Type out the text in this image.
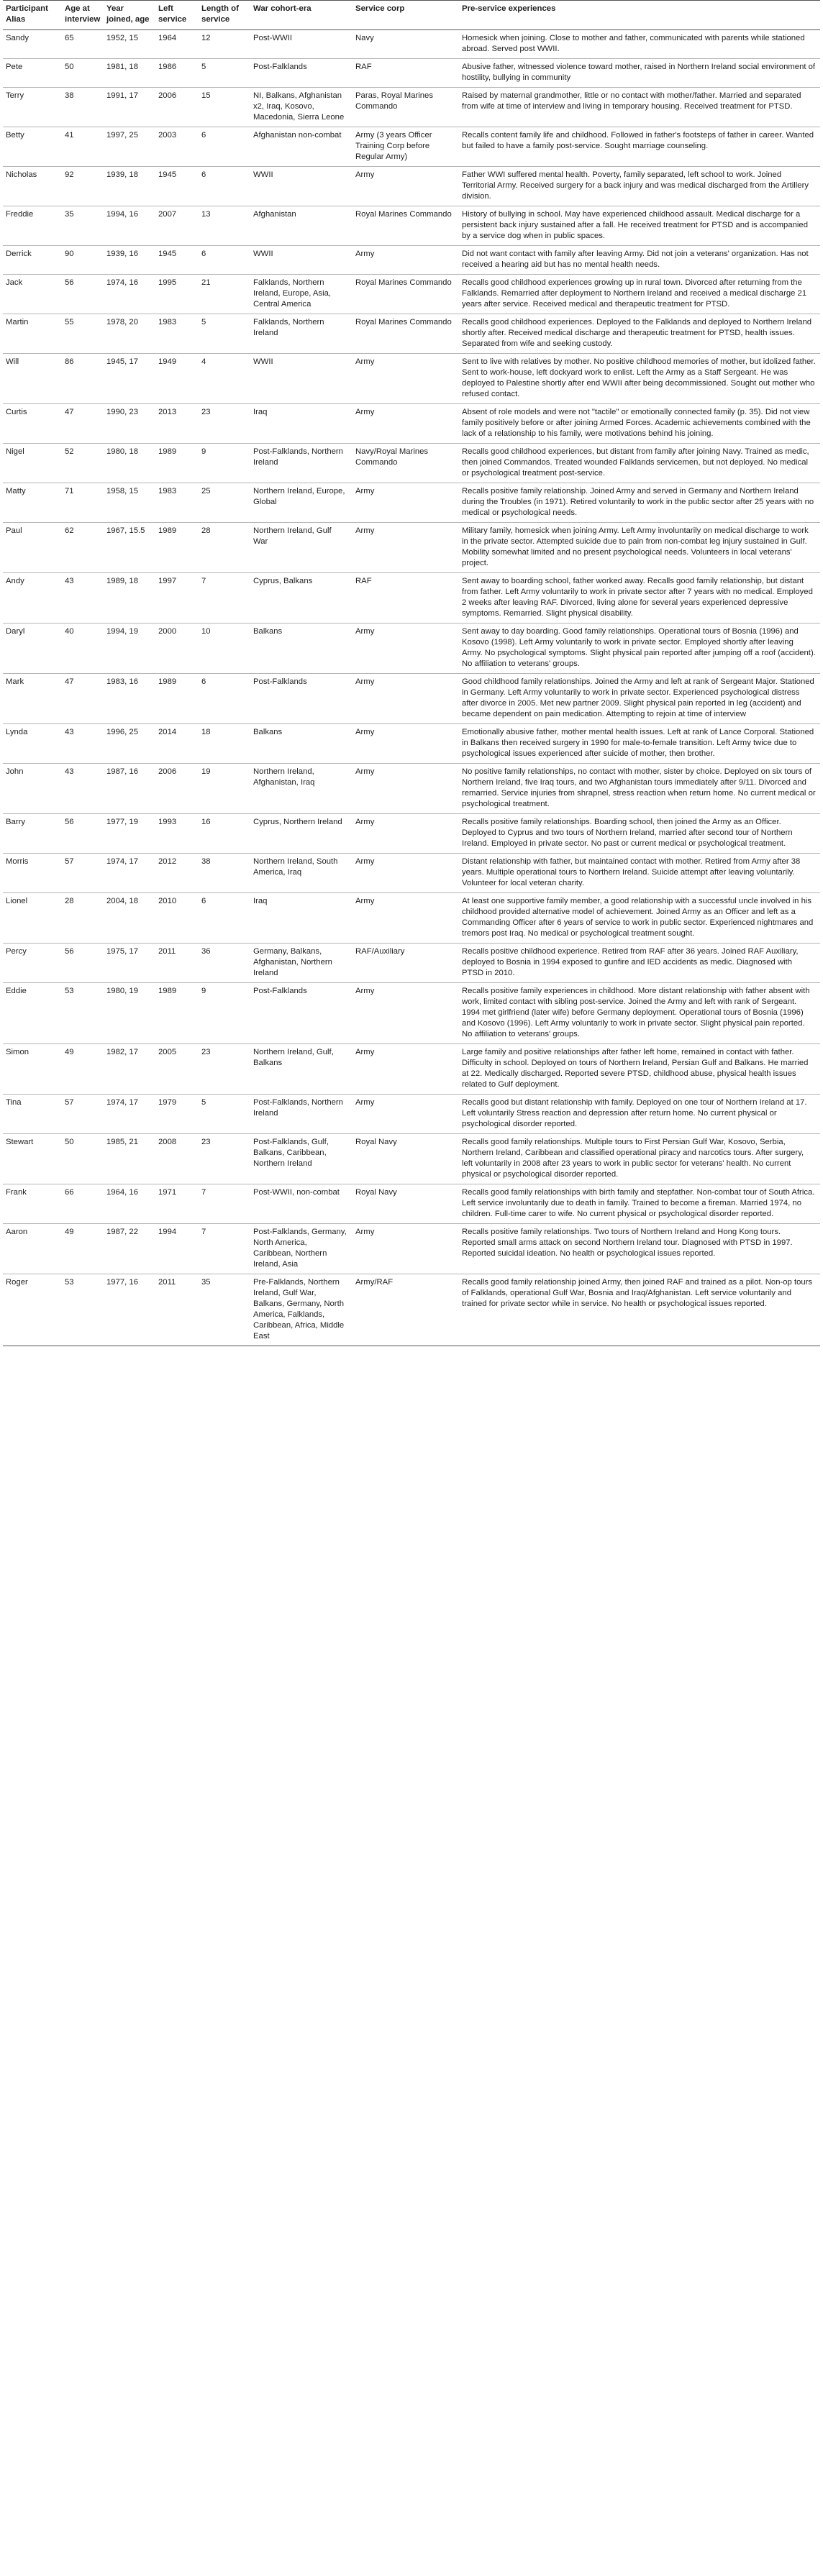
Participant Alias	Age at interview	Year joined, age	Left service	Length of service	War cohort-era	Service corp	Pre-service experiences
Sandy	65	1952, 15	1964	12	Post-WWII	Navy	Homesick when joining. Close to mother and father, communicated with parents while stationed abroad. Served post WWII.
Pete	50	1981, 18	1986	5	Post-Falklands	RAF	Abusive father, witnessed violence toward mother, raised in Northern Ireland social environment of hostility, bullying in community
Terry	38	1991, 17	2006	15	NI, Balkans, Afghanistan x2, Iraq, Kosovo, Macedonia, Sierra Leone	Paras, Royal Marines Commando	Raised by maternal grandmother, little or no contact with mother/father. Married and separated from wife at time of interview and living in temporary housing. Received treatment for PTSD.
Betty	41	1997, 25	2003	6	Afghanistan non-combat	Army (3 years Officer Training Corp before Regular Army)	Recalls content family life and childhood. Followed in father's footsteps of father in career. Wanted but failed to have a family post-service. Sought marriage counseling.
Nicholas	92	1939, 18	1945	6	WWII	Army	Father WWI suffered mental health. Poverty, family separated, left school to work. Joined Territorial Army. Received surgery for a back injury and was medical discharged from the Artillery division.
Freddie	35	1994, 16	2007	13	Afghanistan	Royal Marines Commando	History of bullying in school. May have experienced childhood assault. Medical discharge for a persistent back injury sustained after a fall. He received treatment for PTSD and is accompanied by a service dog when in public spaces.
Derrick	90	1939, 16	1945	6	WWII	Army	Did not want contact with family after leaving Army. Did not join a veterans' organization. Has not received a hearing aid but has no mental health needs.
Jack	56	1974, 16	1995	21	Falklands, Northern Ireland, Europe, Asia, Central America	Royal Marines Commando	Recalls good childhood experiences growing up in rural town. Divorced after returning from the Falklands. Remarried after deployment to Northern Ireland and received a medical discharge 21 years after service. Received medical and therapeutic treatment for PTSD.
Martin	55	1978, 20	1983	5	Falklands, Northern Ireland	Royal Marines Commando	Recalls good childhood experiences. Deployed to the Falklands and deployed to Northern Ireland shortly after. Received medical discharge and therapeutic treatment for PTSD, health issues. Separated from wife and seeking custody.
Will	86	1945, 17	1949	4	WWII	Army	Sent to live with relatives by mother. No positive childhood memories of mother, but idolized father. Sent to work-house, left dockyard work to enlist. Left the Army as a Staff Sergeant. He was deployed to Palestine shortly after end WWII after being decommissioned. Sought out mother who refused contact.
Curtis	47	1990, 23	2013	23	Iraq	Army	Absent of role models and were not "tactile" or emotionally connected family (p. 35). Did not view family positively before or after joining Armed Forces. Academic achievements combined with the lack of a relationship to his family, were motivations behind his joining.
Nigel	52	1980, 18	1989	9	Post-Falklands, Northern Ireland	Navy/Royal Marines Commando	Recalls good childhood experiences, but distant from family after joining Navy. Trained as medic, then joined Commandos. Treated wounded Falklands servicemen, but not deployed. No medical or psychological treatment post-service.
Matty	71	1958, 15	1983	25	Northern Ireland, Europe, Global	Army	Recalls positive family relationship. Joined Army and served in Germany and Northern Ireland during the Troubles (in 1971). Retired voluntarily to work in the public sector after 25 years with no medical or psychological needs.
Paul	62	1967, 15.5	1989	28	Northern Ireland, Gulf War	Army	Military family, homesick when joining Army. Left Army involuntarily on medical discharge to work in the private sector. Attempted suicide due to pain from non-combat leg injury sustained in Gulf. Mobility somewhat limited and no present psychological needs. Volunteers in local veterans' project.
Andy	43	1989, 18	1997	7	Cyprus, Balkans	RAF	Sent away to boarding school, father worked away. Recalls good family relationship, but distant from father. Left Army voluntarily to work in private sector after 7 years with no medical. Employed 2 weeks after leaving RAF. Divorced, living alone for several years experienced depressive symptoms. Remarried. Slight physical disability.
Daryl	40	1994, 19	2000	10	Balkans	Army	Sent away to day boarding. Good family relationships. Operational tours of Bosnia (1996) and Kosovo (1998). Left Army voluntarily to work in private sector. Employed shortly after leaving Army. No psychological symptoms. Slight physical pain reported after jumping off a roof (accident). No affiliation to veterans' groups.
Mark	47	1983, 16	1989	6	Post-Falklands	Army	Good childhood family relationships. Joined the Army and left at rank of Sergeant Major. Stationed in Germany. Left Army voluntarily to work in private sector. Experienced psychological distress after divorce in 2005. Met new partner 2009. Slight physical pain reported in leg (accident) and became dependent on pain medication. Attempting to rejoin at time of interview
Lynda	43	1996, 25	2014	18	Balkans	Army	Emotionally abusive father, mother mental health issues. Left at rank of Lance Corporal. Stationed in Balkans then received surgery in 1990 for male-to-female transition. Left Army twice due to psychological issues experienced after suicide of mother, then brother.
John	43	1987, 16	2006	19	Northern Ireland, Afghanistan, Iraq	Army	No positive family relationships, no contact with mother, sister by choice. Deployed on six tours of Northern Ireland, five Iraq tours, and two Afghanistan tours immediately after 9/11. Divorced and remarried. Service injuries from shrapnel, stress reaction when return home. No current medical or psychological treatment.
Barry	56	1977, 19	1993	16	Cyprus, Northern Ireland	Army	Recalls positive family relationships. Boarding school, then joined the Army as an Officer. Deployed to Cyprus and two tours of Northern Ireland, married after second tour of Northern Ireland. Employed in private sector. No past or current medical or psychological treatment.
Morris	57	1974, 17	2012	38	Northern Ireland, South America, Iraq	Army	Distant relationship with father, but maintained contact with mother. Retired from Army after 38 years. Multiple operational tours to Northern Ireland. Suicide attempt after leaving voluntarily. Volunteer for local veteran charity.
Lionel	28	2004, 18	2010	6	Iraq	Army	At least one supportive family member, a good relationship with a successful uncle involved in his childhood provided alternative model of achievement. Joined Army as an Officer and left as a Commanding Officer after 6 years of service to work in public sector. Experienced nightmares and tremors post Iraq. No medical or psychological treatment sought.
Percy	56	1975, 17	2011	36	Germany, Balkans, Afghanistan, Northern Ireland	RAF/Auxiliary	Recalls positive childhood experience. Retired from RAF after 36 years. Joined RAF Auxiliary, deployed to Bosnia in 1994 exposed to gunfire and IED accidents as medic. Diagnosed with PTSD in 2010.
Eddie	53	1980, 19	1989	9	Post-Falklands	Army	Recalls positive family experiences in childhood. More distant relationship with father absent with work, limited contact with sibling post-service. Joined the Army and left with rank of Sergeant. 1994 met girlfriend (later wife) before Germany deployment. Operational tours of Bosnia (1996) and Kosovo (1996). Left Army voluntarily to work in private sector. Slight physical pain reported. No affiliation to veterans' groups.
Simon	49	1982, 17	2005	23	Northern Ireland, Gulf, Balkans	Army	Large family and positive relationships after father left home, remained in contact with father. Difficulty in school. Deployed on tours of Northern Ireland, Persian Gulf and Balkans. He married at 22. Medically discharged. Reported severe PTSD, childhood abuse, physical health issues related to Gulf deployment.
Tina	57	1974, 17	1979	5	Post-Falklands, Northern Ireland	Army	Recalls good but distant relationship with family. Deployed on one tour of Northern Ireland at 17. Left voluntarily Stress reaction and depression after return home. No current physical or psychological disorder reported.
Stewart	50	1985, 21	2008	23	Post-Falklands, Gulf, Balkans, Caribbean, Northern Ireland	Royal Navy	Recalls good family relationships. Multiple tours to First Persian Gulf War, Kosovo, Serbia, Northern Ireland, Caribbean and classified operational piracy and narcotics tours. After surgery, left voluntarily in 2008 after 23 years to work in public sector for veterans' health. No current physical or psychological disorder reported.
Frank	66	1964, 16	1971	7	Post-WWII, non-combat	Royal Navy	Recalls good family relationships with birth family and stepfather. Non-combat tour of South Africa. Left service involuntarily due to death in family. Trained to become a fireman. Married 1974, no children. Full-time carer to wife. No current physical or psychological disorder reported.
Aaron	49	1987, 22	1994	7	Post-Falklands, Germany, North America, Caribbean, Northern Ireland, Asia	Army	Recalls positive family relationships. Two tours of Northern Ireland and Hong Kong tours. Reported small arms attack on second Northern Ireland tour. Diagnosed with PTSD in 1997. Reported suicidal ideation. No health or psychological issues reported.
Roger	53	1977, 16	2011	35	Pre-Falklands, Northern Ireland, Gulf War, Balkans, Germany, North America, Falklands, Caribbean, Africa, Middle East	Army/RAF	Recalls good family relationship joined Army, then joined RAF and trained as a pilot. Non-op tours of Falklands, operational Gulf War, Bosnia and Iraq/Afghanistan. Left service voluntarily and trained for private sector while in service. No health or psychological issues reported.
